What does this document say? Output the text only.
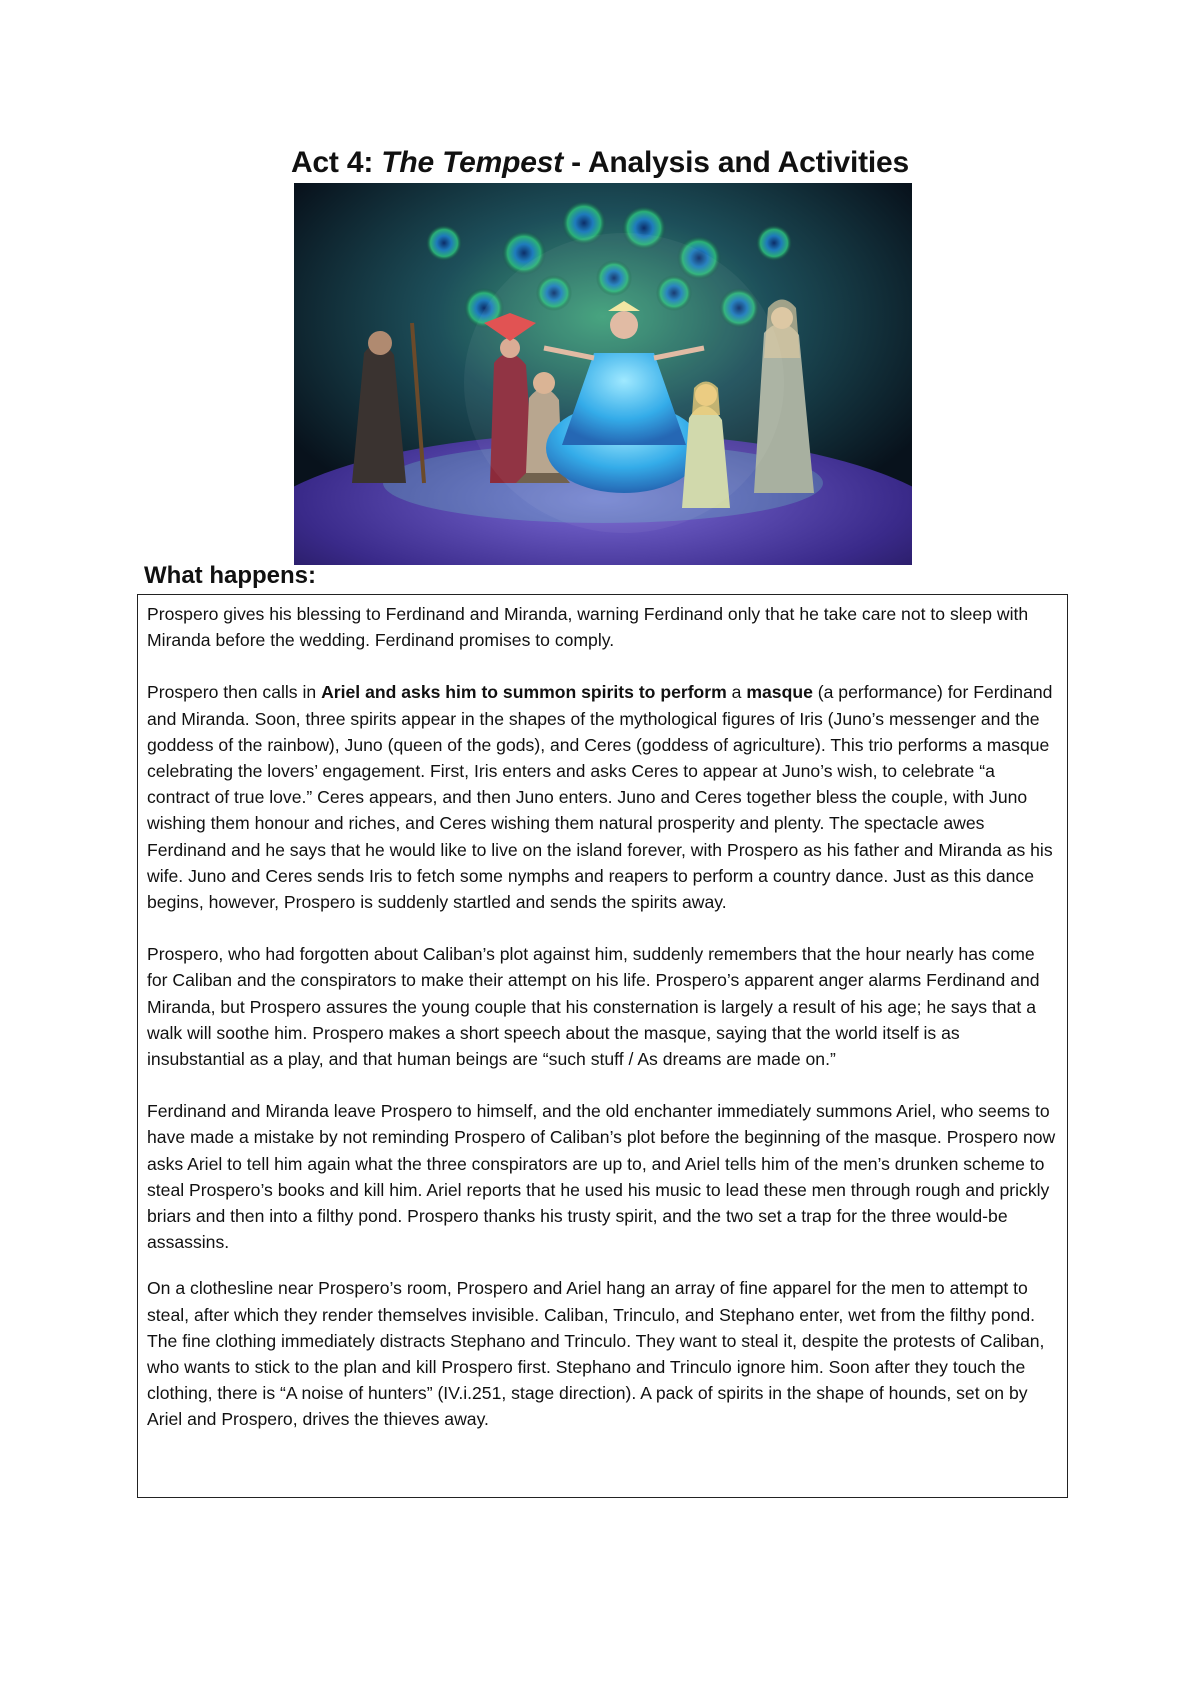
Act 4: The Tempest - Analysis and Activities
What happens:

Prospero gives his blessing to Ferdinand and Miranda, warning Ferdinand only that he take care not to sleep with Miranda before the wedding. Ferdinand promises to comply.

Prospero then calls in Ariel and asks him to summon spirits to perform a masque (a performance) for Ferdinand and Miranda. Soon, three spirits appear in the shapes of the mythological figures of Iris (Juno’s messenger and the goddess of the rainbow), Juno (queen of the gods), and Ceres (goddess of agriculture). This trio performs a masque celebrating the lovers’ engagement. First, Iris enters and asks Ceres to appear at Juno’s wish, to celebrate “a contract of true love.” Ceres appears, and then Juno enters. Juno and Ceres together bless the couple, with Juno wishing them honour and riches, and Ceres wishing them natural prosperity and plenty. The spectacle awes Ferdinand and he says that he would like to live on the island forever, with Prospero as his father and Miranda as his wife. Juno and Ceres sends Iris to fetch some nymphs and reapers to perform a country dance. Just as this dance begins, however, Prospero is suddenly startled and sends the spirits away.

Prospero, who had forgotten about Caliban’s plot against him, suddenly remembers that the hour nearly has come for Caliban and the conspirators to make their attempt on his life. Prospero’s apparent anger alarms Ferdinand and Miranda, but Prospero assures the young couple that his consternation is largely a result of his age; he says that a walk will soothe him. Prospero makes a short speech about the masque, saying that the world itself is as insubstantial as a play, and that human beings are “such stuff / As dreams are made on.”

Ferdinand and Miranda leave Prospero to himself, and the old enchanter immediately summons Ariel, who seems to have made a mistake by not reminding Prospero of Caliban’s plot before the beginning of the masque. Prospero now asks Ariel to tell him again what the three conspirators are up to, and Ariel tells him of the men’s drunken scheme to steal Prospero’s books and kill him. Ariel reports that he used his music to lead these men through rough and prickly briars and then into a filthy pond. Prospero thanks his trusty spirit, and the two set a trap for the three would-be assassins.

On a clothesline near Prospero’s room, Prospero and Ariel hang an array of fine apparel for the men to attempt to steal, after which they render themselves invisible. Caliban, Trinculo, and Stephano enter, wet from the filthy pond. The fine clothing immediately distracts Stephano and Trinculo. They want to steal it, despite the protests of Caliban, who wants to stick to the plan and kill Prospero first. Stephano and Trinculo ignore him. Soon after they touch the clothing, there is “A noise of hunters” (IV.i.251, stage direction). A pack of spirits in the shape of hounds, set on by Ariel and Prospero, drives the thieves away.
